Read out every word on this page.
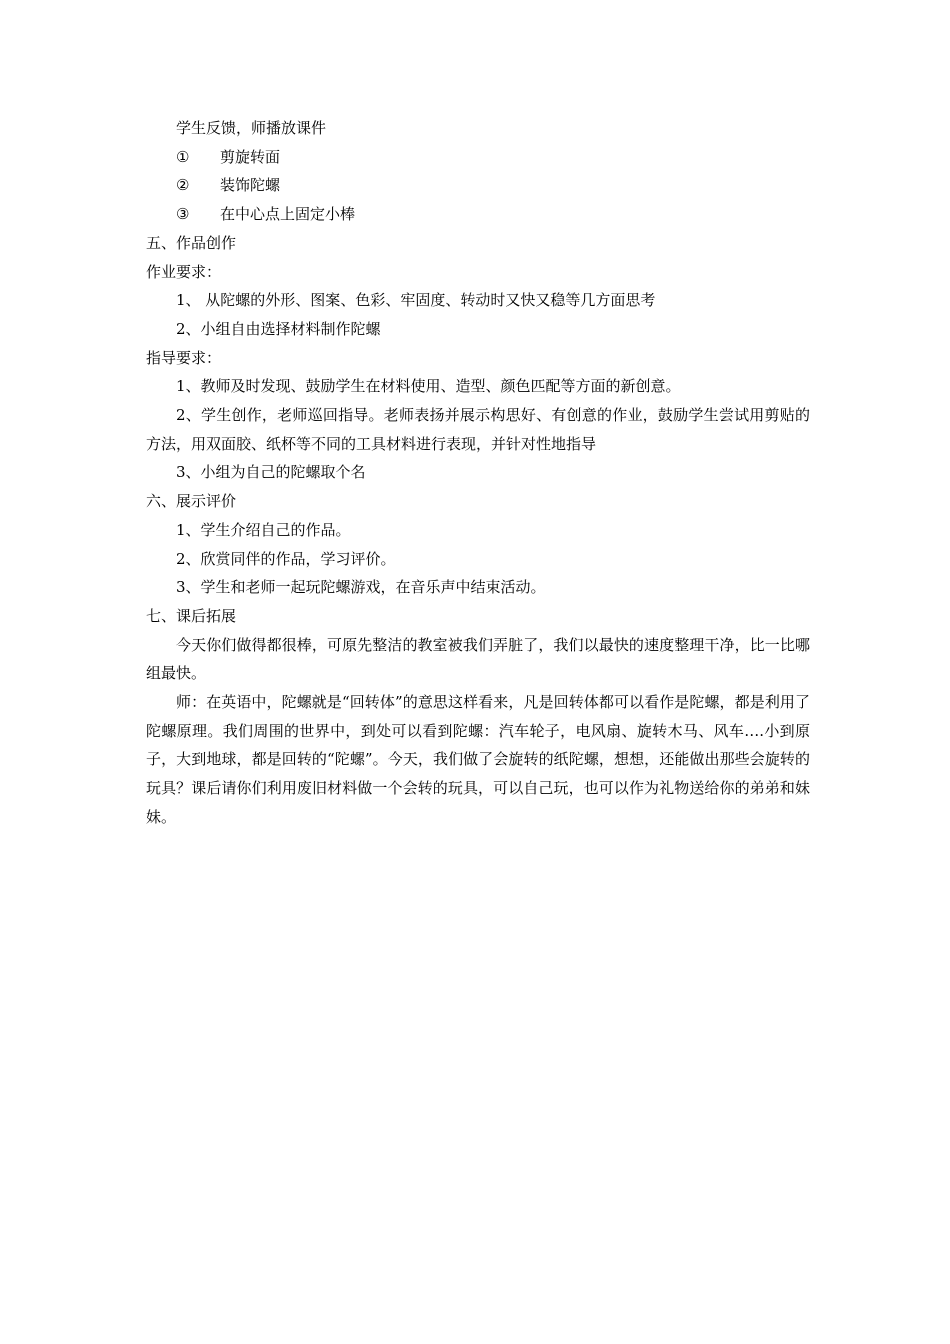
学生反馈，师播放课件

① 剪旋转面

② 装饰陀螺

③ 在中心点上固定小棒

五、作品创作

作业要求：

1、 从陀螺的外形、图案、色彩、牢固度、转动时又快又稳等几方面思考

2、小组自由选择材料制作陀螺

指导要求：

1、教师及时发现、鼓励学生在材料使用、造型、颜色匹配等方面的新创意。

2、学生创作，老师巡回指导。老师表扬并展示构思好、有创意的作业，鼓励学生尝试用剪贴的方法，用双面胶、纸杯等不同的工具材料进行表现，并针对性地指导

3、小组为自己的陀螺取个名

六、展示评价

1、学生介绍自己的作品。

2、欣赏同伴的作品，学习评价。

3、学生和老师一起玩陀螺游戏，在音乐声中结束活动。

七、课后拓展

今天你们做得都很棒，可原先整洁的教室被我们弄脏了，我们以最快的速度整理干净，比一比哪组最快。

师：在英语中，陀螺就是“回转体”的意思这样看来，凡是回转体都可以看作是陀螺，都是利用了陀螺原理。我们周围的世界中，到处可以看到陀螺：汽车轮子，电风扇、旋转木马、风车….小到原子，大到地球，都是回转的“陀螺”。今天，我们做了会旋转的纸陀螺，想想，还能做出那些会旋转的玩具？课后请你们利用废旧材料做一个会转的玩具，可以自己玩，也可以作为礼物送给你的弟弟和妹妹。
